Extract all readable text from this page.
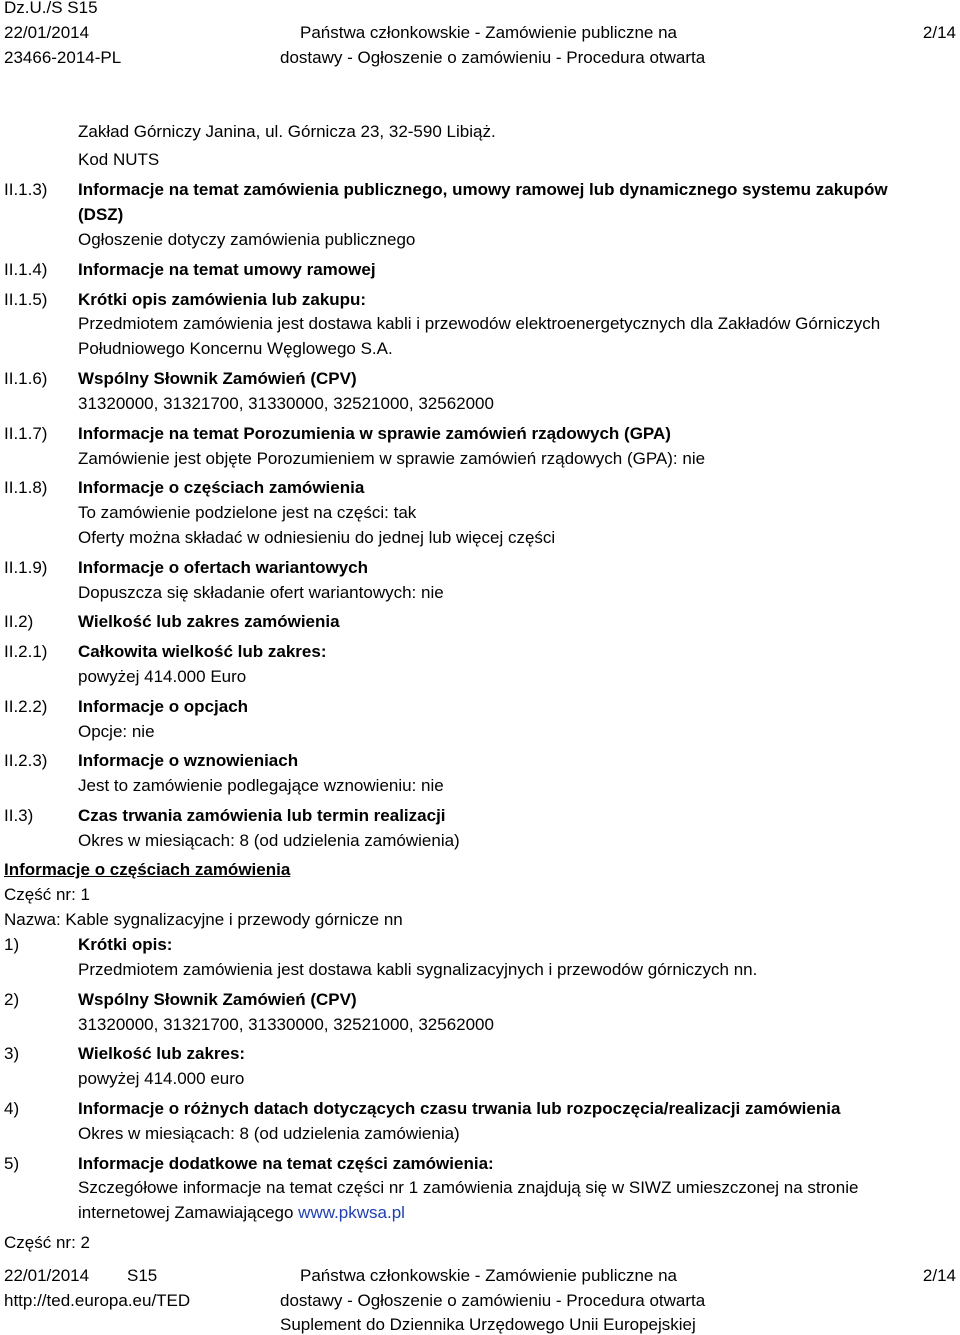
Dz.U./S S15
22/01/2014
23466-2014-PL
Państwa członkowskie - Zamówienie publiczne na
dostawy - Ogłoszenie o zamówieniu - Procedura otwarta
2/14
Zakład Górniczy Janina, ul. Górnicza 23, 32-590 Libiąż.
Kod NUTS
II.1.3) Informacje na temat zamówienia publicznego, umowy ramowej lub dynamicznego systemu zakupów
(DSZ)
Ogłoszenie dotyczy zamówienia publicznego
II.1.4) Informacje na temat umowy ramowej
II.1.5) Krótki opis zamówienia lub zakupu:
Przedmiotem zamówienia jest dostawa kabli i przewodów elektroenergetycznych dla Zakładów Górniczych
Południowego Koncernu Węglowego S.A.
II.1.6) Wspólny Słownik Zamówień (CPV)
31320000, 31321700, 31330000, 32521000, 32562000
II.1.7) Informacje na temat Porozumienia w sprawie zamówień rządowych (GPA)
Zamówienie jest objęte Porozumieniem w sprawie zamówień rządowych (GPA): nie
II.1.8) Informacje o częściach zamówienia
To zamówienie podzielone jest na części: tak
Oferty można składać w odniesieniu do jednej lub więcej części
II.1.9) Informacje o ofertach wariantowych
Dopuszcza się składanie ofert wariantowych: nie
II.2)	Wielkość lub zakres zamówienia
II.2.1) Całkowita wielkość lub zakres:
powyżej 414.000 Euro
II.2.2) Informacje o opcjach
Opcje: nie
II.2.3) Informacje o wznowieniach
Jest to zamówienie podlegające wznowieniu: nie
II.3)	Czas trwania zamówienia lub termin realizacji
Okres w miesiącach: 8 (od udzielenia zamówienia)
Informacje o częściach zamówienia
Część nr: 1
Nazwa: Kable sygnalizacyjne i przewody górnicze nn
1)	Krótki opis:
Przedmiotem zamówienia jest dostawa kabli sygnalizacyjnych i przewodów górniczych nn.
2)	Wspólny Słownik Zamówień (CPV)
31320000, 31321700, 31330000, 32521000, 32562000
3)	Wielkość lub zakres:
powyżej 414.000 euro
4)	Informacje o różnych datach dotyczących czasu trwania lub rozpoczęcia/realizacji zamówienia
Okres w miesiącach: 8 (od udzielenia zamówienia)
5)	Informacje dodatkowe na temat części zamówienia:
Szczegółowe informacje na temat części nr 1 zamówienia znajdują się w SIWZ umieszczonej na stronie
internetowej Zamawiającego www.pkwsa.pl
Część nr: 2
22/01/2014 S15
http://ted.europa.eu/TED
Państwa członkowskie - Zamówienie publiczne na
dostawy - Ogłoszenie o zamówieniu - Procedura otwarta
Suplement do Dziennika Urzędowego Unii Europejskiej
2/14
